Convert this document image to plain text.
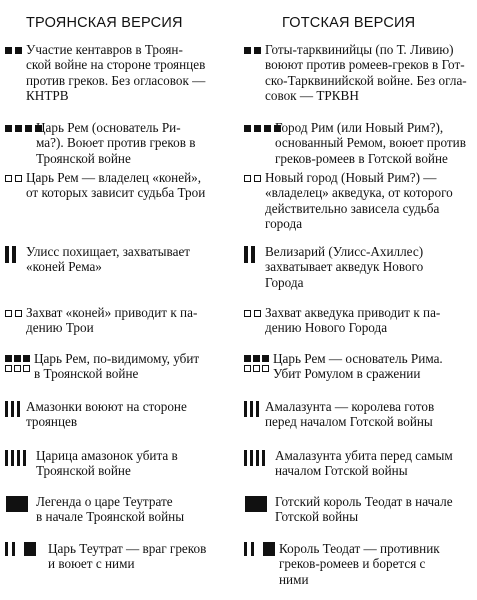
ТРОЯНСКАЯ ВЕРСИЯ	ГОТСКАЯ ВЕРСИЯ
Участие кентавров в Троян-
ской войне на стороне троянцев
против греков. Без огласовок —
КНТРВ
Готы-тарквинийцы (по Т. Ливию)
воюют против ромеев-греков в Гот-
ско-Тарквинийской войне. Без огла-
совок — ТРКВН
Царь Рем (основатель Ри-
ма?). Воюет против греков в
Троянской войне
Город Рим (или Новый Рим?),
основанный Ремом, воюет против
греков-ромеев в Готской войне
Царь Рем — владелец «коней»,
от которых зависит судьба Трои
Новый город (Новый Рим?) —
«владелец» акведука, от которого
действительно зависела судьба
города
Улисс похищает, захватывает
«коней Рема»
Велизарий (Улисс-Ахиллес)
захватывает акведук Нового
Города
Захват «коней» приводит к па-
дению Трои
Захват акведука приводит к па-
дению Нового Города
Царь Рем, по-видимому, убит
в Троянской войне
Царь Рем — основатель Рима.
Убит Ромулом в сражении
Амазонки воюют на стороне
троянцев
Амалазунта — королева готов
перед началом Готской войны
Царица амазонок убита в
Троянской войне
Амалазунта убита перед самым
началом Готской войны
Легенда о царе Теутрате
в начале Троянской войны
Готский король Теодат в начале
Готской войны
Царь Теутрат — враг греков
и воюет с ними
Король Теодат — противник
греков-ромеев и борется с
ними
